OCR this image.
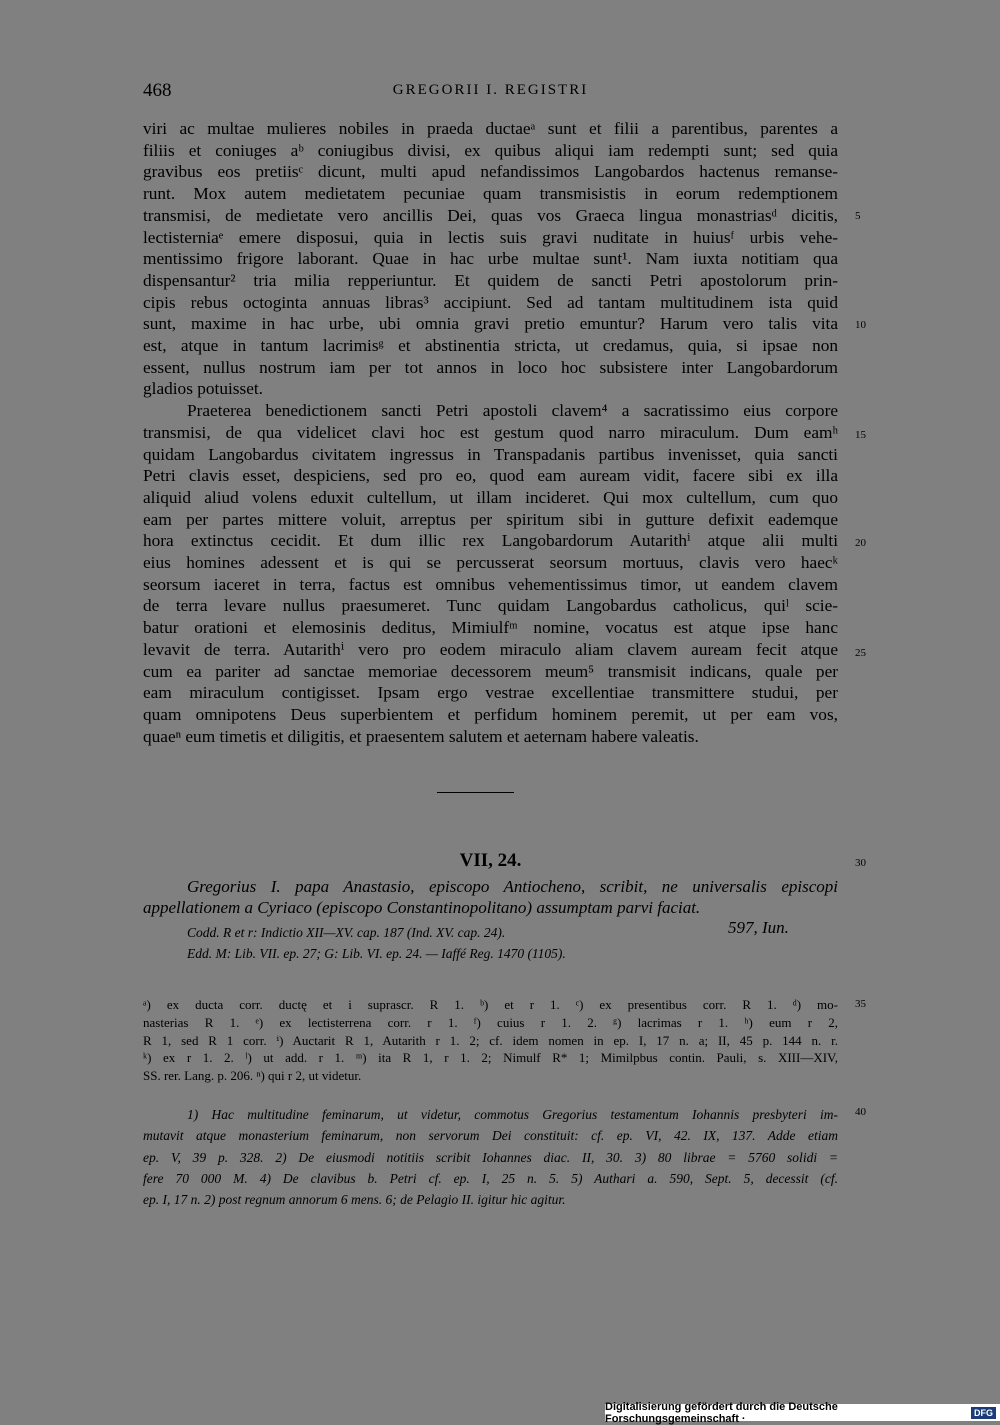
468	GREGORII I. REGISTRI
viri ac multae mulieres nobiles in praeda ductaeᵃ sunt et filii a parentibus, parentes a
filiis et coniuges aᵇ coniugibus divisi, ex quibus aliqui iam redempti sunt; sed quia
gravibus eos pretiisᶜ dicunt, multi apud nefandissimos Langobardos hactenus remanse-
runt. Mox autem medietatem pecuniae quam transmisistis in eorum redemptionem
transmisi, de medietate vero ancillis Dei, quas vos Graeca lingua monastriasᵈ dicitis,
lectisterniaᵉ emere disposui, quia in lectis suis gravi nuditate in huiusᶠ urbis vehe-
mentissimo frigore laborant. Quae in hac urbe multae sunt¹. Nam iuxta notitiam qua
dispensantur² tria milia repperiuntur. Et quidem de sancti Petri apostolorum prin-
cipis rebus octoginta annuas libras³ accipiunt. Sed ad tantam multitudinem ista quid
sunt, maxime in hac urbe, ubi omnia gravi pretio emuntur? Harum vero talis vita
est, atque in tantum lacrimisᵍ et abstinentia stricta, ut credamus, quia, si ipsae non
essent, nullus nostrum iam per tot annos in loco hoc subsistere inter Langobardorum
gladios potuisset.
Praeterea benedictionem sancti Petri apostoli clavem⁴ a sacratissimo eius corpore
transmisi, de qua videlicet clavi hoc est gestum quod narro miraculum. Dum eamʰ
quidam Langobardus civitatem ingressus in Transpadanis partibus invenisset, quia sancti
Petri clavis esset, despiciens, sed pro eo, quod eam auream vidit, facere sibi ex illa
aliquid aliud volens eduxit cultellum, ut illam incideret. Qui mox cultellum, cum quo
eam per partes mittere voluit, arreptus per spiritum sibi in gutture defixit eademque
hora extinctus cecidit. Et dum illic rex Langobardorum Autarithⁱ atque alii multi
eius homines adessent et is qui se percusserat seorsum mortuus, clavis vero haecᵏ
seorsum iaceret in terra, factus est omnibus vehementissimus timor, ut eandem clavem
de terra levare nullus praesumeret. Tunc quidam Langobardus catholicus, quiˡ scie-
batur orationi et elemosinis deditus, Mimiulfᵐ nomine, vocatus est atque ipse hanc
levavit de terra. Autarithⁱ vero pro eodem miraculo aliam clavem auream fecit atque
cum ea pariter ad sanctae memoriae decessorem meum⁵ transmisit indicans, quale per
eam miraculum contigisset. Ipsam ergo vestrae excellentiae transmittere studui, per
quam omnipotens Deus superbientem et perfidum hominem peremit, ut per eam vos,
quaeⁿ eum timetis et diligitis, et praesentem salutem et aeternam habere valeatis.
5
10
15
20
25
30
35
40
VII, 24.
Gregorius I. papa Anastasio, episcopo Antiocheno, scribit, ne universalis episcopi
appellationem a Cyriaco (episcopo Constantinopolitano) assumptam parvi faciat.
Codd. R et r: Indictio XII—XV. cap. 187 (Ind. XV. cap. 24).
Edd. M: Lib. VII. ep. 27; G: Lib. VI. ep. 24. — Iaffé Reg. 1470 (1105).
597, Iun.
ᵃ) ex ducta corr. ductę et i suprascr. R 1. ᵇ) et r 1. ᶜ) ex presentibus corr. R 1. ᵈ) mo-
nasterias R 1. ᵉ) ex lectisterrena corr. r 1. ᶠ) cuius r 1. 2. ᵍ) lacrimas r 1. ʰ) eum r 2,
R 1, sed R 1 corr. ⁱ) Auctarit R 1, Autarith r 1. 2; cf. idem nomen in ep. I, 17 n. a; II, 45 p. 144 n. r.
ᵏ) ex r 1. 2. ˡ) ut add. r 1. ᵐ) ita R 1, r 1. 2; Nimulf R* 1; Mimilpbus contin. Pauli, s. XIII—XIV,
SS. rer. Lang. p. 206. ⁿ) qui r 2, ut videtur.
1) Hac multitudine feminarum, ut videtur, commotus Gregorius testamentum Iohannis presbyteri im-
mutavit atque monasterium feminarum, non servorum Dei constituit: cf. ep. VI, 42. IX, 137. Adde etiam
ep. V, 39 p. 328. 2) De eiusmodi notitiis scribit Iohannes diac. II, 30. 3) 80 librae = 5760 solidi =
fere 70 000 M. 4) De clavibus b. Petri cf. ep. I, 25 n. 5. 5) Authari a. 590, Sept. 5, decessit (cf.
ep. I, 17 n. 2) post regnum annorum 6 mens. 6; de Pelagio II. igitur hic agitur.
Digitalisierung gefördert durch die Deutsche Forschungsgemeinschaft ·	DFG
